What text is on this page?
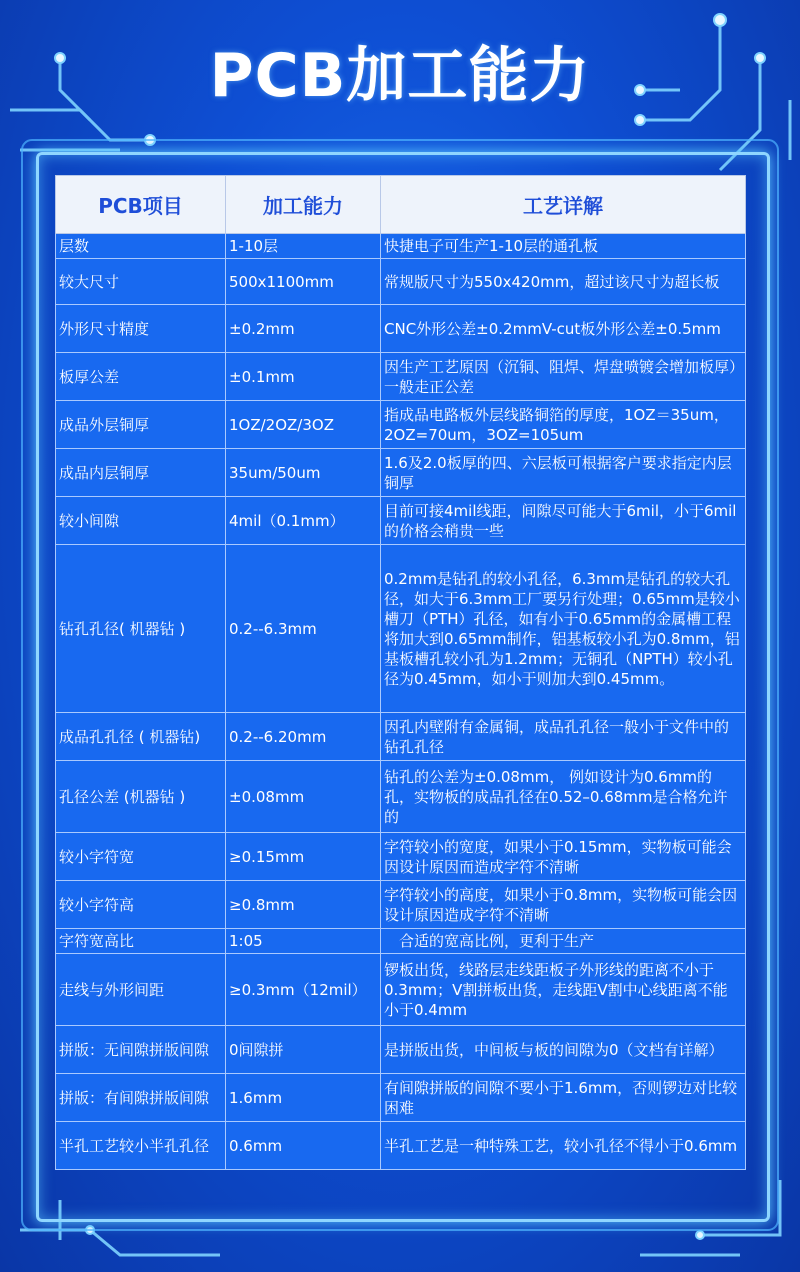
PCB加工能力
PCB项目	加工能力	工艺详解
层数	1-10层	快捷电子可生产1-10层的通孔板
较大尺寸	500x1100mm	常规版尺寸为550x420mm，超过该尺寸为超长板
外形尺寸精度	±0.2mm	CNC外形公差±0.2mmV-cut板外形公差±0.5mm
板厚公差	±0.1mm	因生产工艺原因（沉铜、阻焊、焊盘喷镀会增加板厚）一般走正公差
成品外层铜厚	1OZ/2OZ/3OZ	指成品电路板外层线路铜箔的厚度，1OZ＝35um，2OZ=70um，3OZ=105um
成品内层铜厚	35um/50um	1.6及2.0板厚的四、六层板可根据客户要求指定内层铜厚
较小间隙	4mil（0.1mm）	目前可接4mil线距，间隙尽可能大于6mil，小于6mil的价格会稍贵一些
钻孔孔径( 机器钻 )	0.2--6.3mm	0.2mm是钻孔的较小孔径，6.3mm是钻孔的较大孔径，如大于6.3mm工厂要另行处理；0.65mm是较小槽刀（PTH）孔径，如有小于0.65mm的金属槽工程将加大到0.65mm制作，铝基板较小孔为0.8mm，铝基板槽孔较小孔为1.2mm；无铜孔（NPTH）较小孔径为0.45mm，如小于则加大到0.45mm。
成品孔孔径 ( 机器钻)	0.2--6.20mm	因孔内壁附有金属铜，成品孔孔径一般小于文件中的钻孔孔径
孔径公差 (机器钻 )	±0.08mm	钻孔的公差为±0.08mm， 例如设计为0.6mm的孔，实物板的成品孔径在0.52–0.68mm是合格允许的
较小字符宽	≥0.15mm	字符较小的宽度，如果小于0.15mm，实物板可能会因设计原因而造成字符不清晰
较小字符高	≥0.8mm	字符较小的高度，如果小于0.8mm，实物板可能会因设计原因造成字符不清晰
字符宽高比	1:05	　合适的宽高比例，更利于生产
走线与外形间距	≥0.3mm（12mil）	锣板出货，线路层走线距板子外形线的距离不小于0.3mm；V割拼板出货，走线距V割中心线距离不能小于0.4mm
拼版：无间隙拼版间隙	0间隙拼	是拼版出货，中间板与板的间隙为0（文档有详解）
拼版：有间隙拼版间隙	1.6mm	有间隙拼版的间隙不要小于1.6mm，否则锣边对比较困难
半孔工艺较小半孔孔径	0.6mm	半孔工艺是一种特殊工艺，较小孔径不得小于0.6mm
